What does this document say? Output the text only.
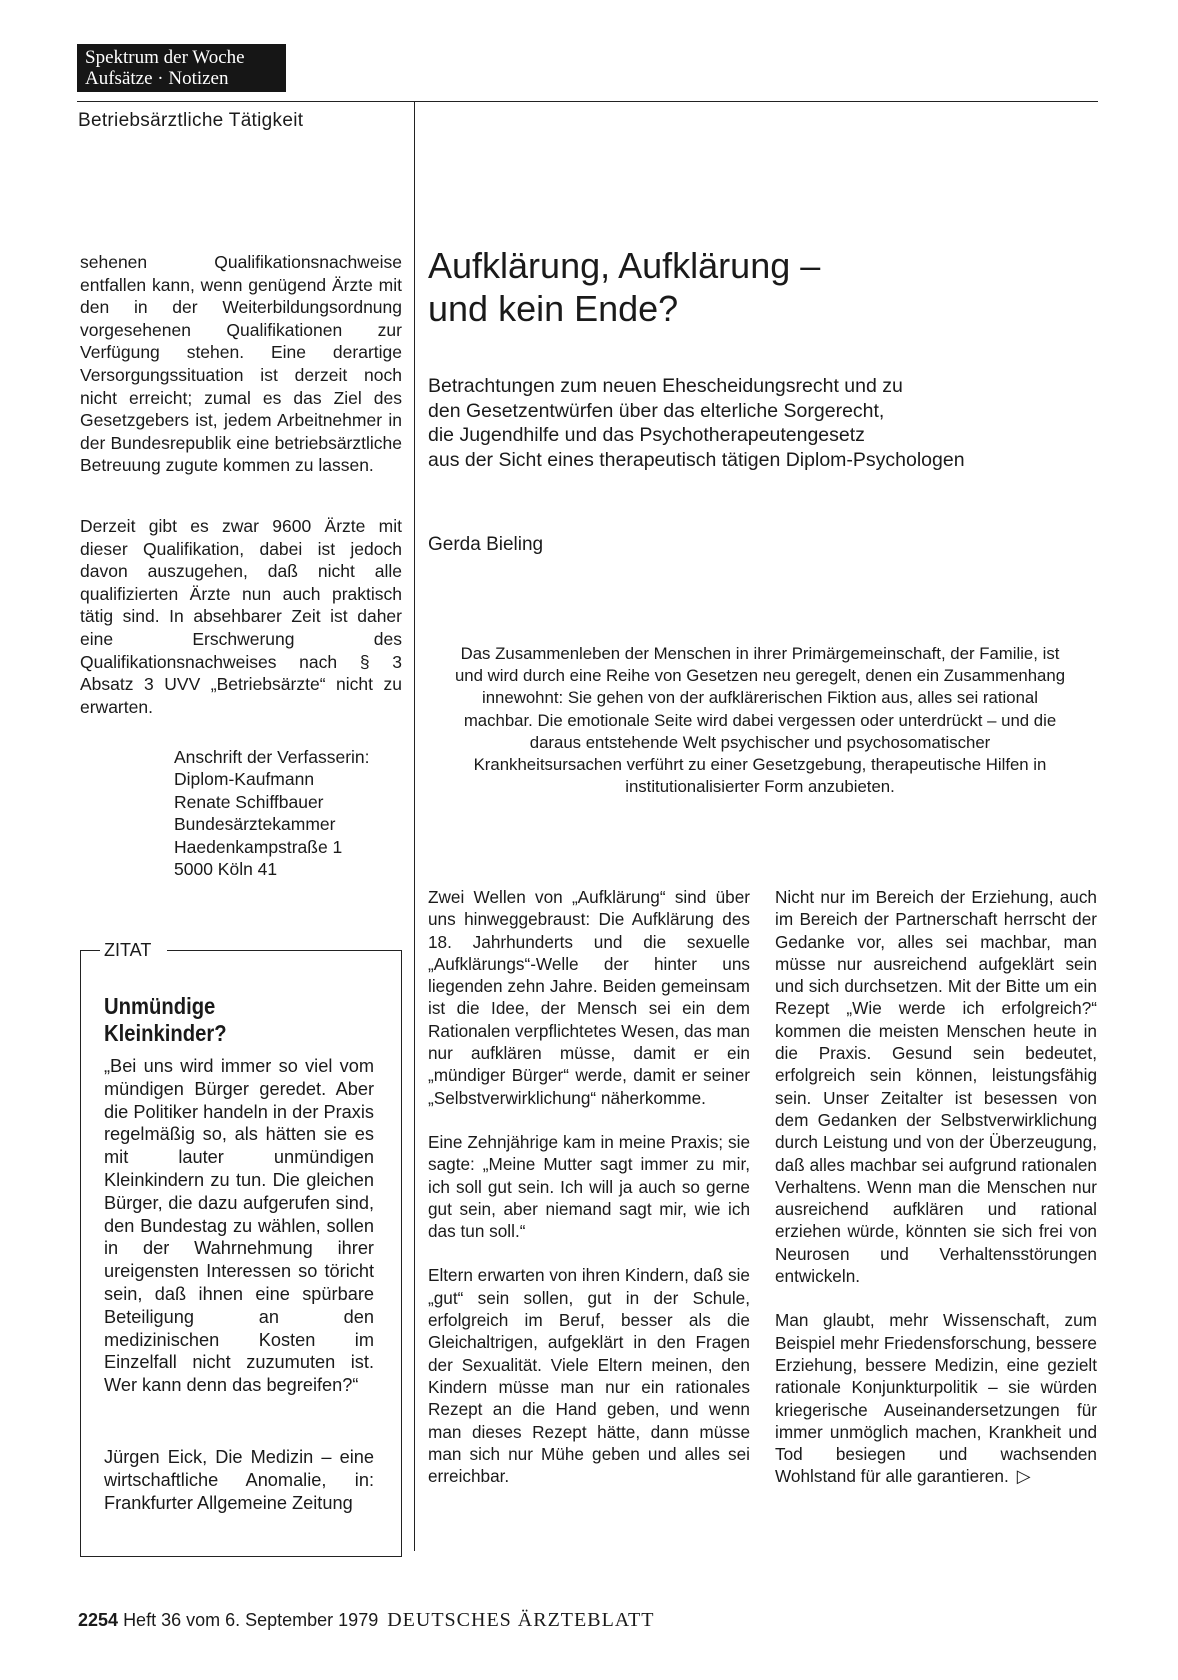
Spektrum der Woche
Aufsätze · Notizen
Betriebsärztliche Tätigkeit

sehenen Qualifikationsnachweise entfallen kann, wenn genügend Ärzte mit den in der Weiterbildungsordnung vorgesehenen Qualifikationen zur Verfügung stehen. Eine derartige Versorgungssituation ist derzeit noch nicht erreicht; zumal es das Ziel des Gesetzgebers ist, jedem Arbeitnehmer in der Bundesrepublik eine betriebsärztliche Betreuung zugute kommen zu lassen.

Derzeit gibt es zwar 9600 Ärzte mit dieser Qualifikation, dabei ist jedoch davon auszugehen, daß nicht alle qualifizierten Ärzte nun auch praktisch tätig sind. In absehbarer Zeit ist daher eine Erschwerung des Qualifikationsnachweises nach § 3 Absatz 3 UVV „Betriebsärzte“ nicht zu erwarten.

Anschrift der Verfasserin:
Diplom-Kaufmann
Renate Schiffbauer
Bundesärztekammer
Haedenkampstraße 1
5000 Köln 41
ZITAT
Unmündige
Kleinkinder?
„Bei uns wird immer so viel vom mündigen Bürger geredet. Aber die Politiker handeln in der Praxis regelmäßig so, als hätten sie es mit lauter unmündigen Kleinkindern zu tun. Die gleichen Bürger, die dazu aufgerufen sind, den Bundestag zu wählen, sollen in der Wahrnehmung ihrer ureigensten Interessen so töricht sein, daß ihnen eine spürbare Beteiligung an den medizinischen Kosten im Einzelfall nicht zuzumuten ist. Wer kann denn das begreifen?“
Jürgen Eick, Die Medizin – eine wirtschaftliche Anomalie, in: Frankfurter Allgemeine Zeitung
Aufklärung, Aufklärung –
und kein Ende?
Betrachtungen zum neuen Ehescheidungsrecht und zu
den Gesetzentwürfen über das elterliche Sorgerecht,
die Jugendhilfe und das Psychotherapeutengesetz
aus der Sicht eines therapeutisch tätigen Diplom-Psychologen
Gerda Bieling
Das Zusammenleben der Menschen in ihrer Primärgemeinschaft, der Familie, ist und wird durch eine Reihe von Gesetzen neu geregelt, denen ein Zusammenhang innewohnt: Sie gehen von der aufklärerischen Fiktion aus, alles sei rational machbar. Die emotionale Seite wird dabei vergessen oder unterdrückt – und die daraus entstehende Welt psychischer und psychosomatischer Krankheitsursachen verführt zu einer Gesetzgebung, therapeutische Hilfen in institutionalisierter Form anzubieten.

Zwei Wellen von „Aufklärung“ sind über uns hinweggebraust: Die Aufklärung des 18. Jahrhunderts und die sexuelle „Aufklärungs“-Welle der hinter uns liegenden zehn Jahre. Beiden gemeinsam ist die Idee, der Mensch sei ein dem Rationalen verpflichtetes Wesen, das man nur aufklären müsse, damit er ein „mündiger Bürger“ werde, damit er seiner „Selbstverwirklichung“ näherkomme.

Eine Zehnjährige kam in meine Praxis; sie sagte: „Meine Mutter sagt immer zu mir, ich soll gut sein. Ich will ja auch so gerne gut sein, aber niemand sagt mir, wie ich das tun soll.“

Eltern erwarten von ihren Kindern, daß sie „gut“ sein sollen, gut in der Schule, erfolgreich im Beruf, besser als die Gleichaltrigen, aufgeklärt in den Fragen der Sexualität. Viele Eltern meinen, den Kindern müsse man nur ein rationales Rezept an die Hand geben, und wenn man dieses Rezept hätte, dann müsse man sich nur Mühe geben und alles sei erreichbar.

Nicht nur im Bereich der Erziehung, auch im Bereich der Partnerschaft herrscht der Gedanke vor, alles sei machbar, man müsse nur ausreichend aufgeklärt sein und sich durchsetzen. Mit der Bitte um ein Rezept „Wie werde ich erfolgreich?“ kommen die meisten Menschen heute in die Praxis. Gesund sein bedeutet, erfolgreich sein können, leistungsfähig sein. Unser Zeitalter ist besessen von dem Gedanken der Selbstverwirklichung durch Leistung und von der Überzeugung, daß alles machbar sei aufgrund rationalen Verhaltens. Wenn man die Menschen nur ausreichend aufklären und rational erziehen würde, könnten sie sich frei von Neurosen und Verhaltensstörungen entwickeln.

Man glaubt, mehr Wissenschaft, zum Beispiel mehr Friedensforschung, bessere Erziehung, bessere Medizin, eine gezielt rationale Konjunkturpolitik – sie würden kriegerische Auseinandersetzungen für immer unmöglich machen, Krankheit und Tod besiegen und wachsenden Wohlstand für alle garantieren. ▷

2254 Heft 36 vom 6. September 1979 DEUTSCHES ÄRZTEBLATT
